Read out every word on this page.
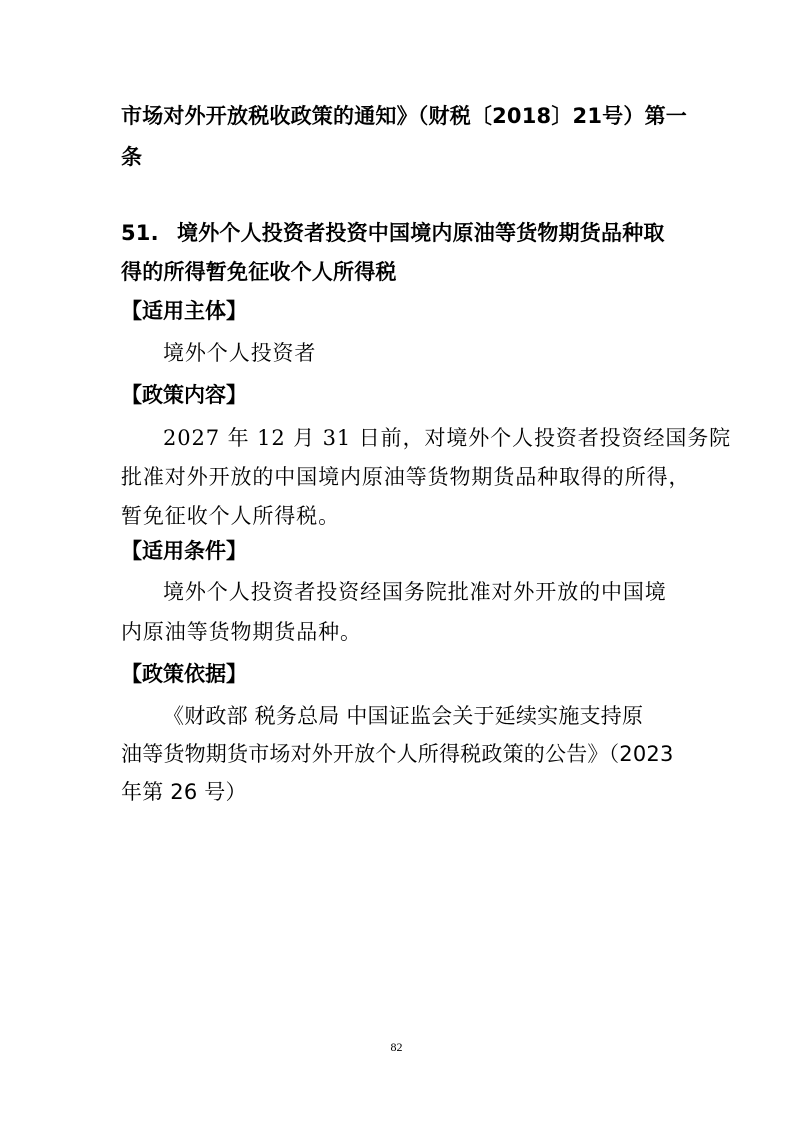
市场对外开放税收政策的通知》（财税〔2018〕21号）第一
条
51. 境外个人投资者投资中国境内原油等货物期货品种取
得的所得暂免征收个人所得税
【适用主体】
境外个人投资者
【政策内容】
2027 年 12 月 31 日前，对境外个人投资者投资经国务院
批准对外开放的中国境内原油等货物期货品种取得的所得，
暂免征收个人所得税。
【适用条件】
境外个人投资者投资经国务院批准对外开放的中国境
内原油等货物期货品种。
【政策依据】
《财政部 税务总局 中国证监会关于延续实施支持原
油等货物期货市场对外开放个人所得税政策的公告》（2023
年第 26 号）
82
